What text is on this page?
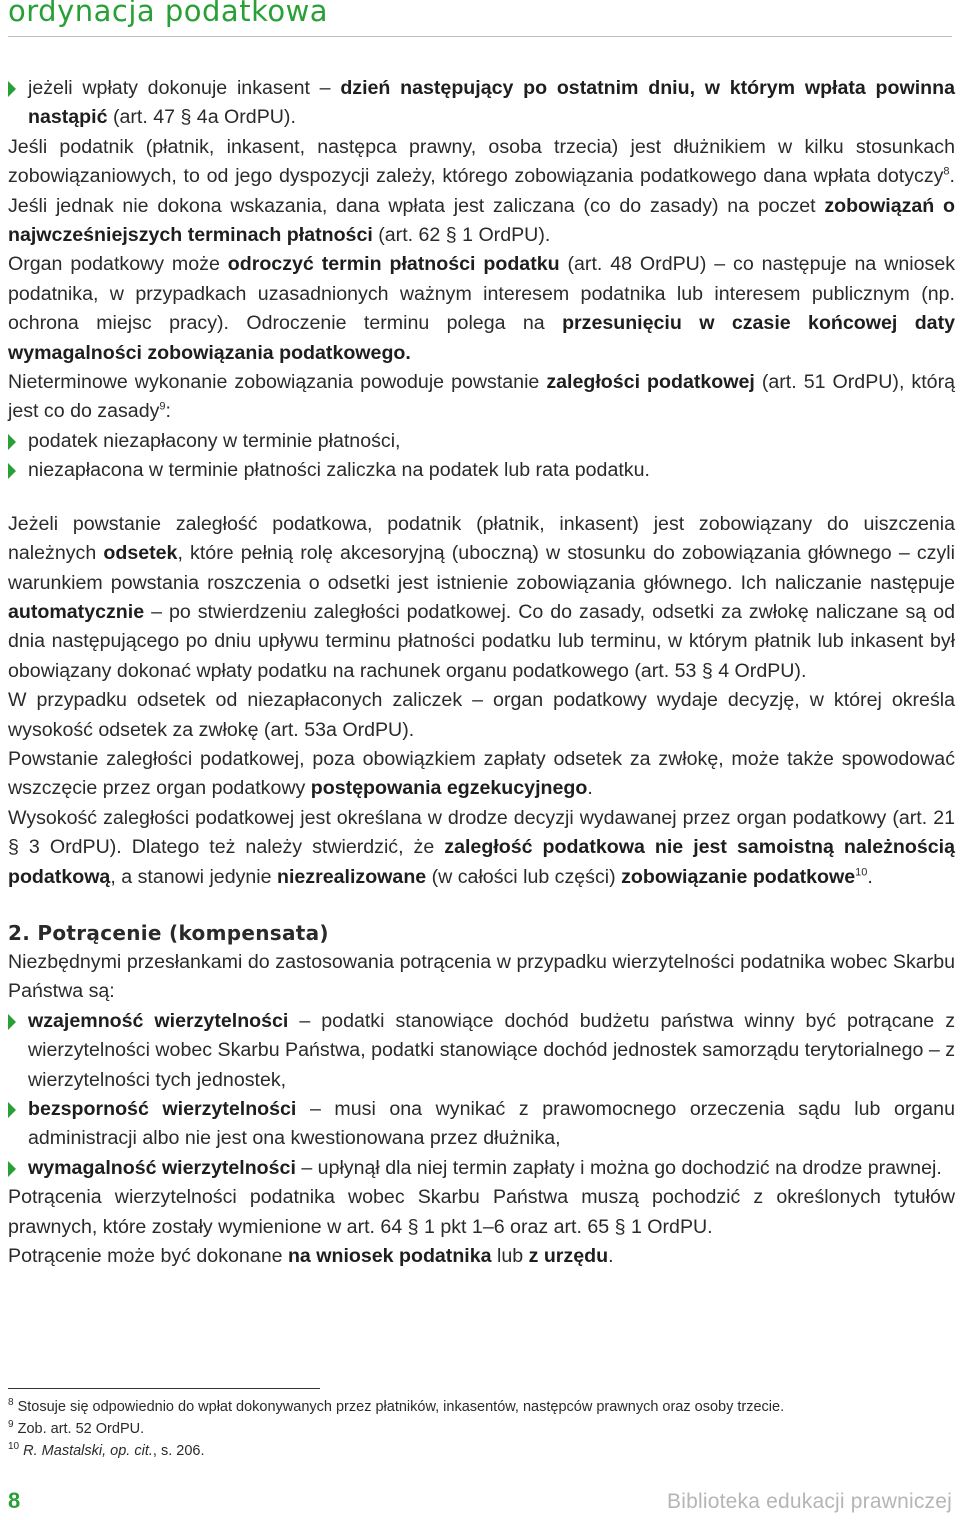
ordynacja podatkowa

jeżeli wpłaty dokonuje inkasent – dzień następujący po ostatnim dniu, w którym wpłata powinna nastąpić (art. 47 § 4a OrdPU).

Jeśli podatnik (płatnik, inkasent, następca prawny, osoba trzecia) jest dłużnikiem w kilku stosunkach zobowiązaniowych, to od jego dyspozycji zależy, którego zobowiązania podatkowego dana wpłata dotyczy$^8$. Jeśli jednak nie dokona wskazania, dana wpłata jest zaliczana (co do zasady) na poczet zobowiązań o najwcześniejszych terminach płatności (art. 62 § 1 OrdPU).

Organ podatkowy może odroczyć termin płatności podatku (art. 48 OrdPU) – co następuje na wniosek podatnika, w przypadkach uzasadnionych ważnym interesem podatnika lub interesem publicznym (np. ochrona miejsc pracy). Odroczenie terminu polega na przesunięciu w czasie końcowej daty wymagalności zobowiązania podatkowego.

Nieterminowe wykonanie zobowiązania powoduje powstanie zaległości podatkowej (art. 51 OrdPU), którą jest co do zasady$^9$:

podatek niezapłacony w terminie płatności,

niezapłacona w terminie płatności zaliczka na podatek lub rata podatku.

Jeżeli powstanie zaległość podatkowa, podatnik (płatnik, inkasent) jest zobowiązany do uiszczenia należnych odsetek, które pełnią rolę akcesoryjną (uboczną) w stosunku do zobowiązania głównego – czyli warunkiem powstania roszczenia o odsetki jest istnienie zobowiązania głównego. Ich naliczanie następuje automatycznie – po stwierdzeniu zaległości podatkowej. Co do zasady, odsetki za zwłokę naliczane są od dnia następującego po dniu upływu terminu płatności podatku lub terminu, w którym płatnik lub inkasent był obowiązany dokonać wpłaty podatku na rachunek organu podatkowego (art. 53 § 4 OrdPU).

W przypadku odsetek od niezapłaconych zaliczek – organ podatkowy wydaje decyzję, w której określa wysokość odsetek za zwłokę (art. 53a OrdPU).

Powstanie zaległości podatkowej, poza obowiązkiem zapłaty odsetek za zwłokę, może także spowodować wszczęcie przez organ podatkowy postępowania egzekucyjnego.

Wysokość zaległości podatkowej jest określana w drodze decyzji wydawanej przez organ podatkowy (art. 21 § 3 OrdPU). Dlatego też należy stwierdzić, że zaległość podatkowa nie jest samoistną należnością podatkową, a stanowi jedynie niezrealizowane (w całości lub części) zobowiązanie podatkowe$^{10}$.

2. Potrącenie (kompensata)

Niezbędnymi przesłankami do zastosowania potrącenia w przypadku wierzytelności podatnika wobec Skarbu Państwa są:

wzajemność wierzytelności – podatki stanowiące dochód budżetu państwa winny być potrącane z wierzytelności wobec Skarbu Państwa, podatki stanowiące dochód jednostek samorządu terytorialnego – z wierzytelności tych jednostek,

bezsporność wierzytelności – musi ona wynikać z prawomocnego orzeczenia sądu lub organu administracji albo nie jest ona kwestionowana przez dłużnika,

wymagalność wierzytelności – upłynął dla niej termin zapłaty i można go dochodzić na drodze prawnej.

Potrącenia wierzytelności podatnika wobec Skarbu Państwa muszą pochodzić z określonych tytułów prawnych, które zostały wymienione w art. 64 § 1 pkt 1–6 oraz art. 65 § 1 OrdPU.

Potrącenie może być dokonane na wniosek podatnika lub z urzędu.

$^8$ Stosuje się odpowiednio do wpłat dokonywanych przez płatników, inkasentów, następców prawnych oraz osoby trzecie.

$^9$ Zob. art. 52 OrdPU.

$^{10}$ R. Mastalski, op. cit., s. 206.

8	Biblioteka edukacji prawniczej
